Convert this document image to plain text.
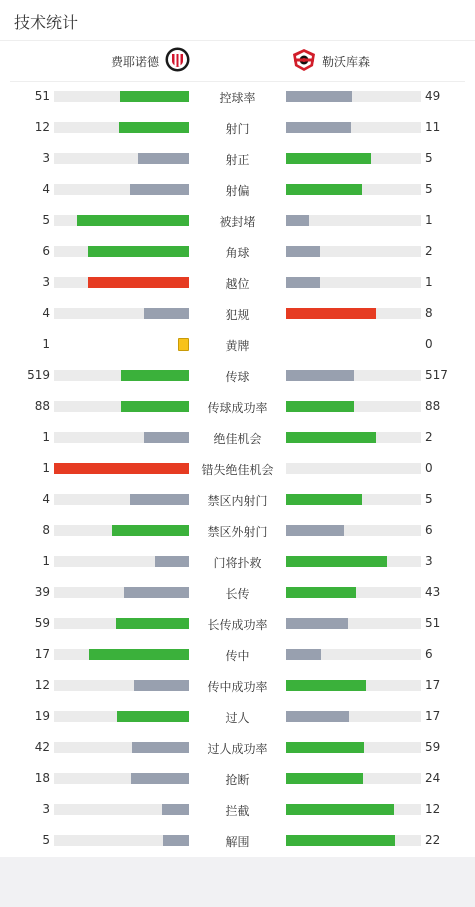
技术统计
费耶诺德	勒沃库森
51	控球率	49
12	射门	11
3	射正	5
4	射偏	5
5	被封堵	1
6	角球	2
3	越位	1
4	犯规	8
1	黄牌	0
519	传球	517
88	传球成功率	88
1	绝佳机会	2
1	错失绝佳机会	0
4	禁区内射门	5
8	禁区外射门	6
1	门将扑救	3
39	长传	43
59	长传成功率	51
17	传中	6
12	传中成功率	17
19	过人	17
42	过人成功率	59
18	抢断	24
3	拦截	12
5	解围	22
